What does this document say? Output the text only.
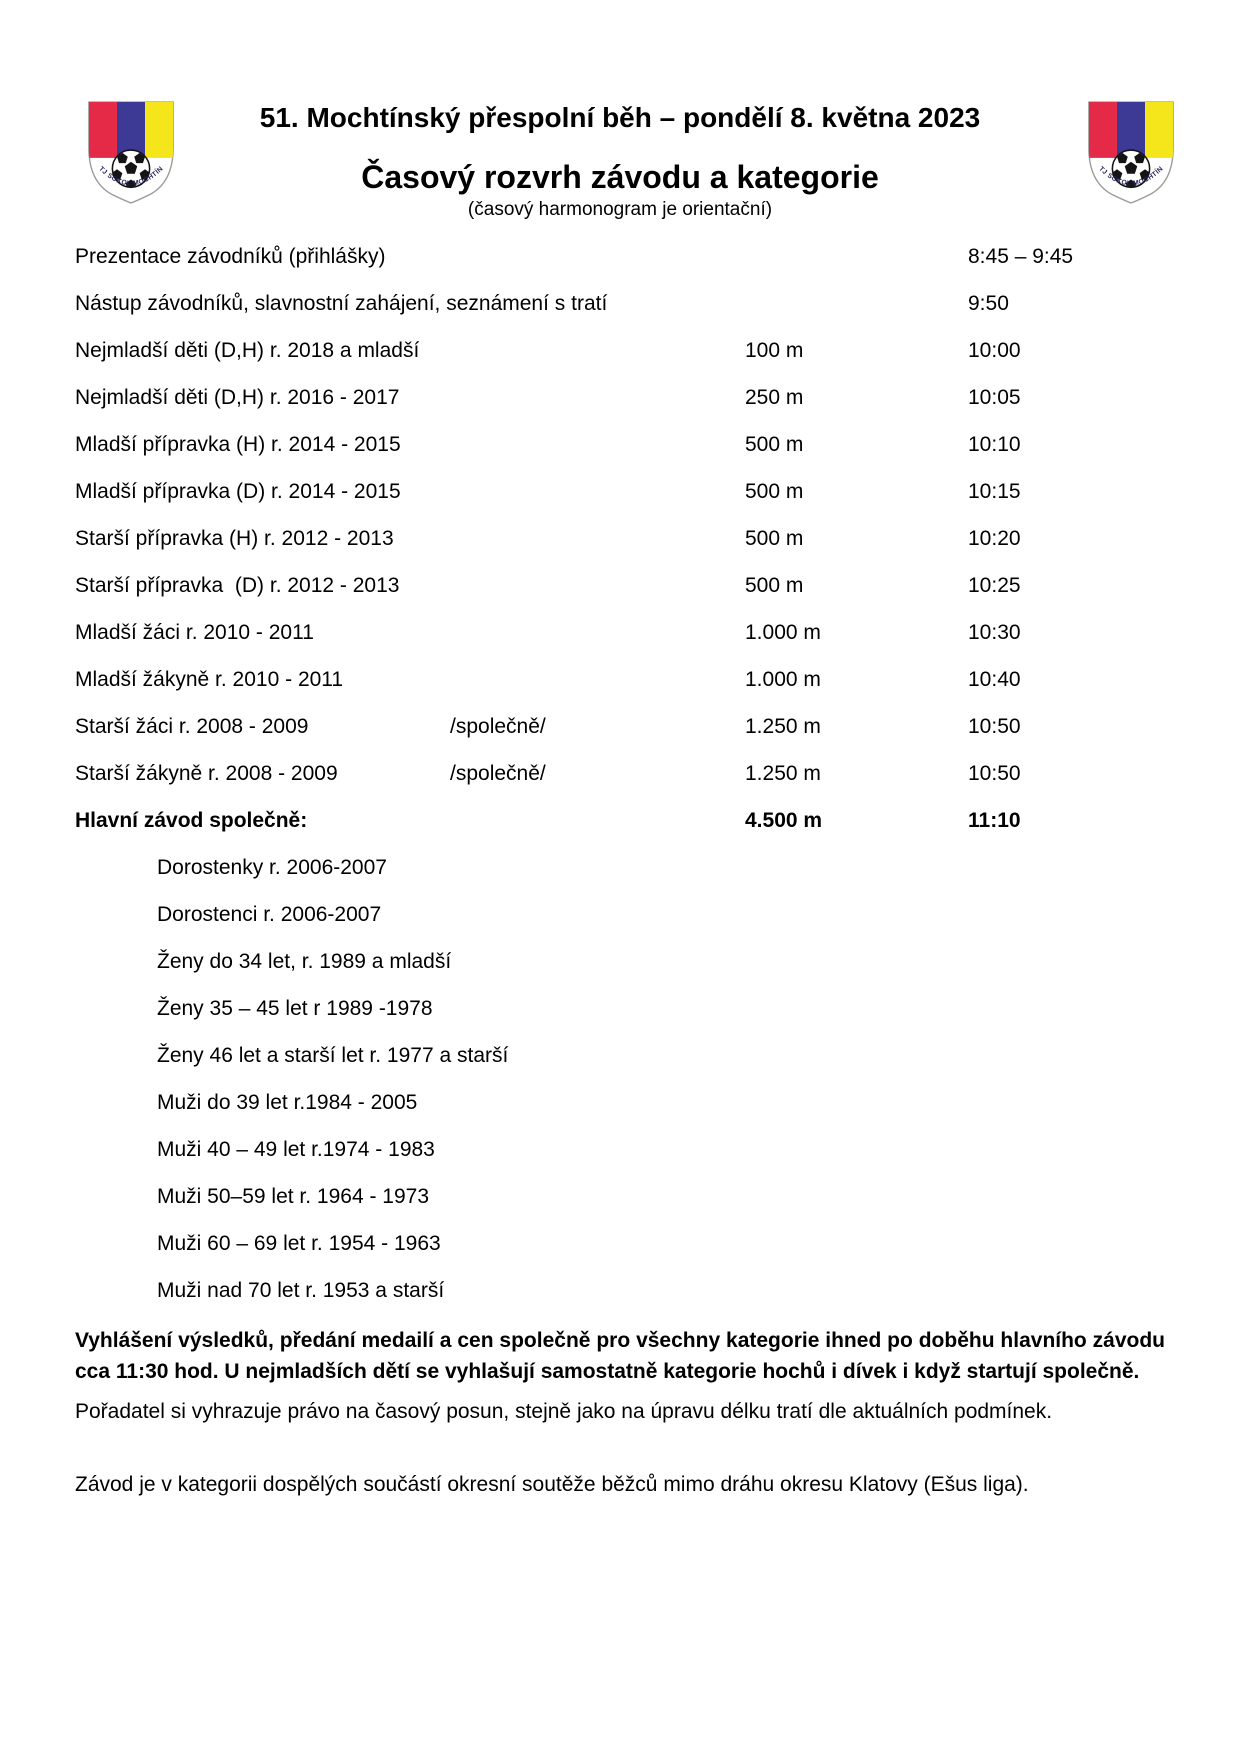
TJ SOKOL MOCHTÍN	TJ SOKOL MOCHTÍN
51. Mochtínský přespolní běh – pondělí 8. května 2023
Časový rozvrh závodu a kategorie
(časový harmonogram je orientační)
Prezentace závodníků (přihlášky)	8:45 – 9:45
Nástup závodníků, slavnostní zahájení, seznámení s tratí	9:50
Nejmladší děti (D,H) r. 2018 a mladší	100 m	10:00
Nejmladší děti (D,H) r. 2016 - 2017	250 m	10:05
Mladší přípravka (H) r. 2014 - 2015	500 m	10:10
Mladší přípravka (D) r. 2014 - 2015	500 m	10:15
Starší přípravka (H) r. 2012 - 2013	500 m	10:20
Starší přípravka  (D) r. 2012 - 2013	500 m	10:25
Mladší žáci r. 2010 - 2011	1.000 m	10:30
Mladší žákyně r. 2010 - 2011	1.000 m	10:40
Starší žáci r. 2008 - 2009	/společně/	1.250 m	10:50
Starší žákyně r. 2008 - 2009	/společně/	1.250 m	10:50
Hlavní závod společně:	4.500 m	11:10
Dorostenky r. 2006-2007
Dorostenci r. 2006-2007
Ženy do 34 let, r. 1989 a mladší
Ženy 35 – 45 let r 1989 -1978
Ženy 46 let a starší let r. 1977 a starší
Muži do 39 let r.1984 - 2005
Muži 40 – 49 let r.1974 - 1983
Muži 50–59 let r. 1964 - 1973
Muži 60 – 69 let r. 1954 - 1963
Muži nad 70 let r. 1953 a starší

Vyhlášení výsledků, předání medailí a cen společně pro všechny kategorie ihned po doběhu hlavního závodu cca 11:30 hod. U nejmladších dětí se vyhlašují samostatně kategorie hochů i dívek i když startují společně.

Pořadatel si vyhrazuje právo na časový posun, stejně jako na úpravu délku tratí dle aktuálních podmínek.

Závod je v kategorii dospělých součástí okresní soutěže běžců mimo dráhu okresu Klatovy (Ešus liga).
